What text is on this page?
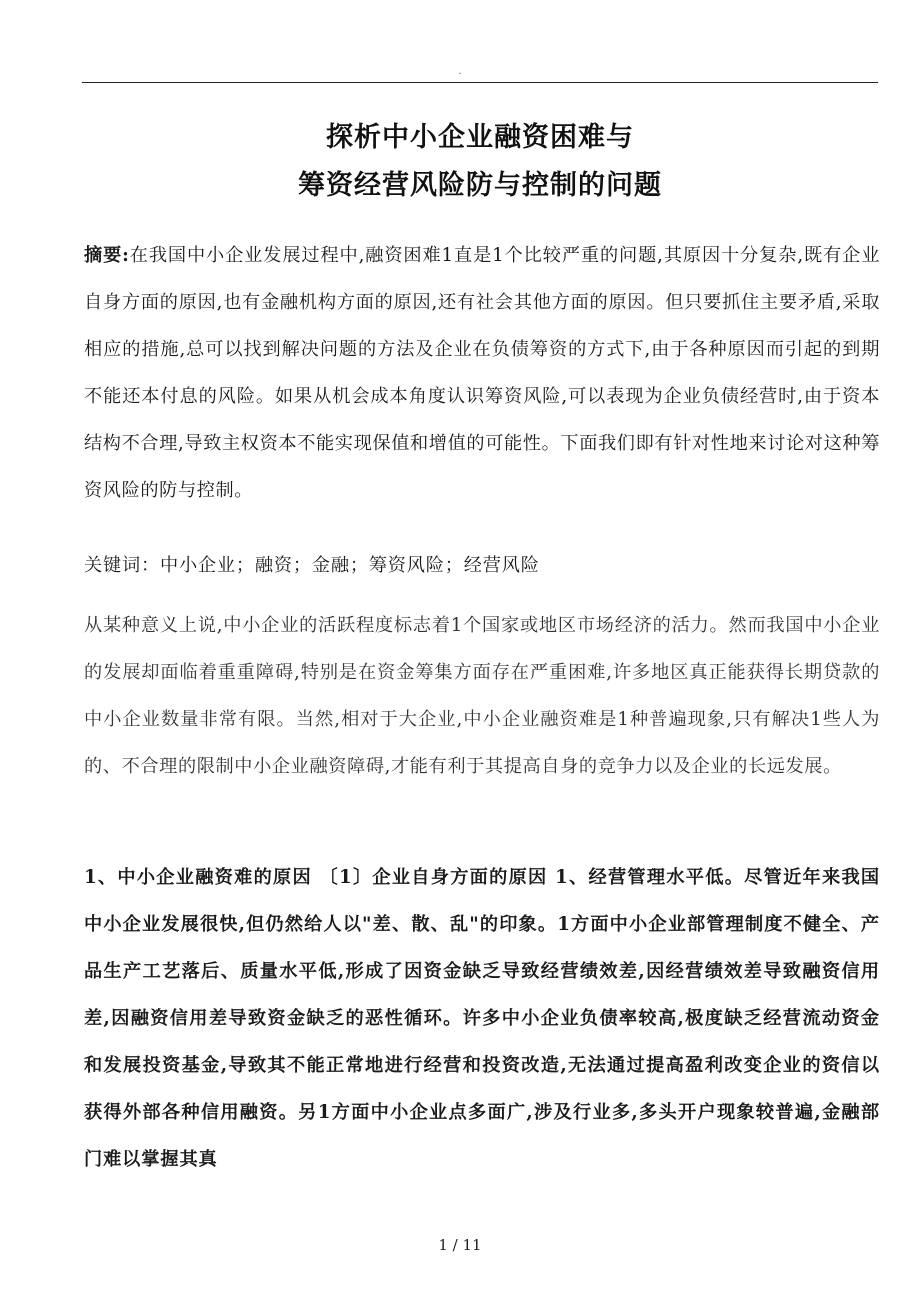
.
探析中小企业融资困难与
筹资经营风险防与控制的问题
摘要:在我国中小企业发展过程中,融资困难1直是1个比较严重的问题,其原因十分复杂,既有企业自身方面的原因,也有金融机构方面的原因,还有社会其他方面的原因。但只要抓住主要矛盾,采取相应的措施,总可以找到解决问题的方法及企业在负债筹资的方式下,由于各种原因而引起的到期不能还本付息的风险。如果从机会成本角度认识筹资风险,可以表现为企业负债经营时,由于资本结构不合理,导致主权资本不能实现保值和增值的可能性。下面我们即有针对性地来讨论对这种筹资风险的防与控制。
关键词：中小企业；融资；金融；筹资风险；经营风险
从某种意义上说,中小企业的活跃程度标志着1个国家或地区市场经济的活力。然而我国中小企业的发展却面临着重重障碍,特别是在资金筹集方面存在严重困难,许多地区真正能获得长期贷款的中小企业数量非常有限。当然,相对于大企业,中小企业融资难是1种普遍现象,只有解决1些人为的、不合理的限制中小企业融资障碍,才能有利于其提高自身的竞争力以及企业的长远发展。
1、中小企业融资难的原因 〔1〕企业自身方面的原因 1、经营管理水平低。尽管近年来我国中小企业发展很快,但仍然给人以"差、散、乱"的印象。1方面中小企业部管理制度不健全、产品生产工艺落后、质量水平低,形成了因资金缺乏导致经营绩效差,因经营绩效差导致融资信用差,因融资信用差导致资金缺乏的恶性循环。许多中小企业负债率较高,极度缺乏经营流动资金和发展投资基金,导致其不能正常地进行经营和投资改造,无法通过提高盈利改变企业的资信以获得外部各种信用融资。另1方面中小企业点多面广,涉及行业多,多头开户现象较普遍,金融部门难以掌握其真
1 / 11
